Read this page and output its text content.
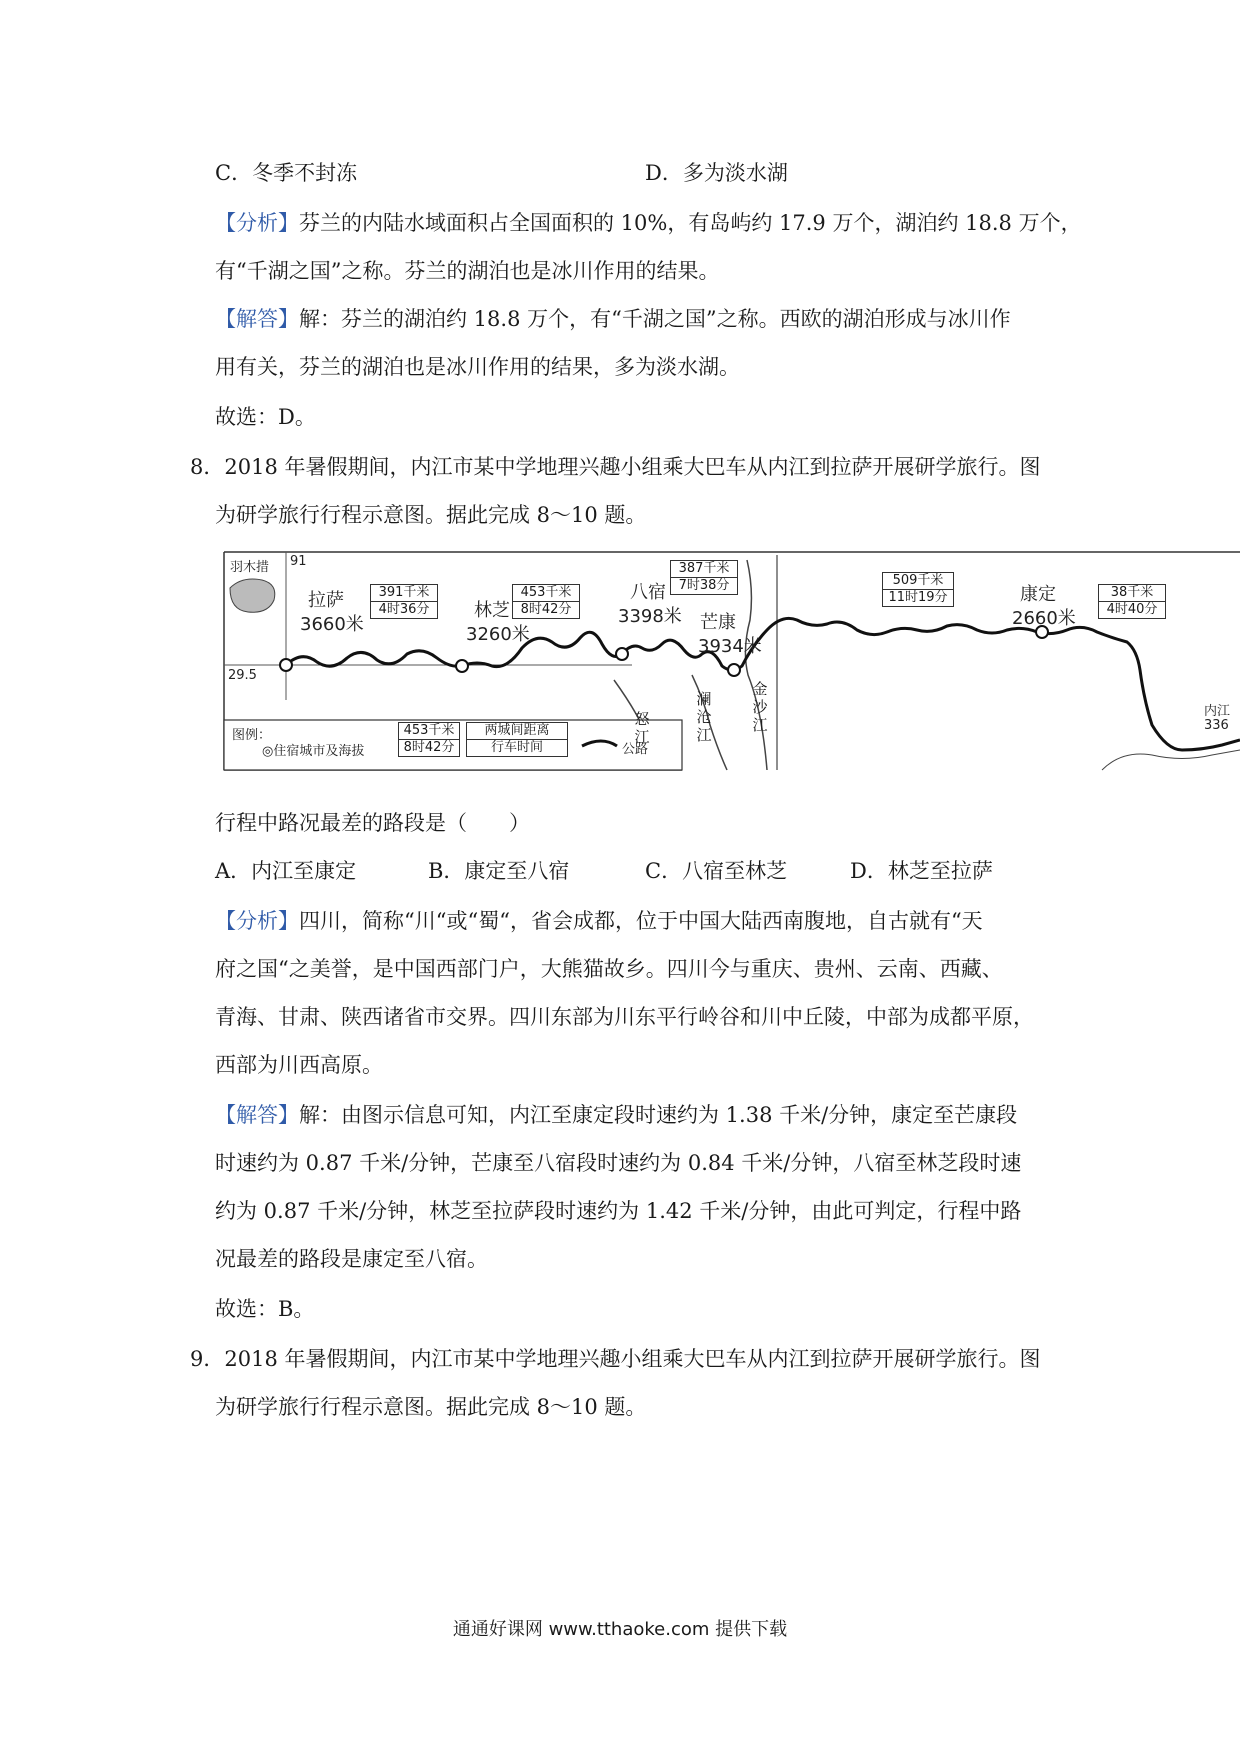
C．冬季不封冻	D．多为淡水湖
【分析】芬兰的内陆水域面积占全国面积的 10%，有岛屿约 17.9 万个，湖泊约 18.8 万个，
有“千湖之国”之称。芬兰的湖泊也是冰川作用的结果。
【解答】解：芬兰的湖泊约 18.8 万个，有“千湖之国”之称。西欧的湖泊形成与冰川作
用有关，芬兰的湖泊也是冰川作用的结果，多为淡水湖。
故选：D。
8．2018 年暑假期间，内江市某中学地理兴趣小组乘大巴车从内江到拉萨开展研学旅行。图
为研学旅行行程示意图。据此完成 8～10 题。
羽木措 91
29.5
拉萨
3660米
林芝
3260米
八宿
3398米 芒康
3934米
康定
2660米
内江
336
391千米
4时36分
453千米
8时42分
387千米
7时38分	509千米
11时19分	38千米
4时40分
怒江
澜沧江
金沙江
图例：
◎住宿城市及海拔
453千米
8时42分
两城间距离
行车时间	公路
行程中路况最差的路段是（　　）
A．内江至康定	B．康定至八宿	C．八宿至林芝	D．林芝至拉萨
【分析】四川，简称“川“或“蜀“，省会成都，位于中国大陆西南腹地，自古就有“天
府之国“之美誉，是中国西部门户，大熊猫故乡。四川今与重庆、贵州、云南、西藏、
青海、甘肃、陕西诸省市交界。四川东部为川东平行岭谷和川中丘陵，中部为成都平原，
西部为川西高原。
【解答】解：由图示信息可知，内江至康定段时速约为 1.38 千米/分钟，康定至芒康段
时速约为 0.87 千米/分钟，芒康至八宿段时速约为 0.84 千米/分钟，八宿至林芝段时速
约为 0.87 千米/分钟，林芝至拉萨段时速约为 1.42 千米/分钟，由此可判定，行程中路
况最差的路段是康定至八宿。
故选：B。
9．2018 年暑假期间，内江市某中学地理兴趣小组乘大巴车从内江到拉萨开展研学旅行。图
为研学旅行行程示意图。据此完成 8～10 题。
通通好课网 www.tthaoke.com 提供下载
